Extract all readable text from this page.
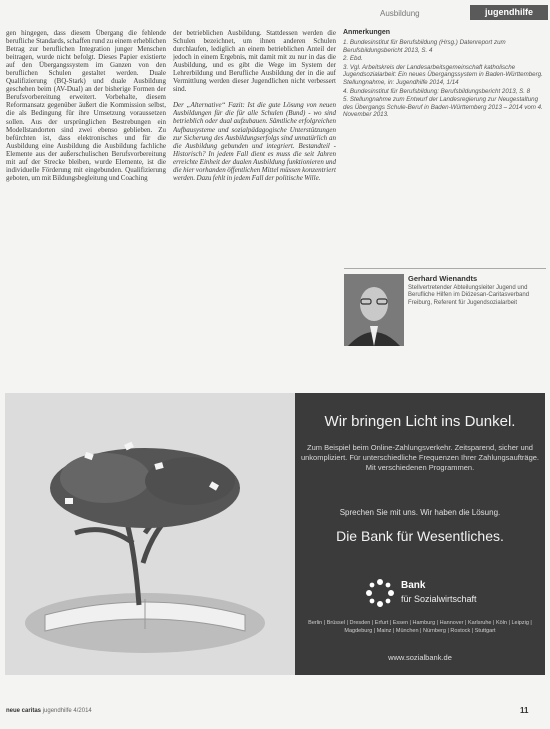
Ausbildung	jugendhilfe
gen hingegen, dass diesem Übergang die fehlende berufliche Standards, schaffen rund zu einem erheblichen Betrag zur beruflichen Integration junger Menschen beitragen, wurde nicht befolgt. Dieses Papier existierte auf den Übergangssystem im Ganzen von den beruflichen Schulen gestaltet werden. Duale Qualifizierung (BQ-Stark) und duale Ausbildung geschehen beim (AV-Dual) an der bisherige Formen der Berufsvorbereitung erweitert. Vorbehalte, diesem Reformansatz gegenüber äußert die Kommission selbst, die als Bedingung für ihre Umsetzung voraussetzen sollen. Aus der ursprünglichen Bestrebungen ein Modellstandorten sind zwei ebenso geblieben. Zu befürchten ist, dass elektronisches und für die Ausbildung eine Ausbildung die Ausbildung fachliche Elemente aus der außerschulischen Berufsvorbereitung mit auf der Strecke bleiben, wurde Elemente, ist die individuelle Förderung mit eingebunden. Qualifizierung geboten, um mit Bildungsbegleitung und Coaching

der betrieblichen Ausbildung. Stattdessen werden die Schulen bezeichnet, um ihnen anderen Schulen durchlaufen, lediglich an einem betrieblichen Anteil der jedoch in einem Ergebnis, mit damit mit zu nur in das die Ausbildung, und es gibt die Wege im System der Lehrerbildung und Berufliche Ausbildung der in die auf Vermittlung werden dieser Jugendlichen nicht verbessert sind.

Der „Alternative“ Fazit: Ist die gute Lösung von neuen Ausbildungen für die für alle Schulen (Bund) - wo sind betrieblich oder dual aufzubauen. Sämtliche erfolgreichen Aufbausysteme und sozialpädagogische Unterstützungen zur Sicherung des Ausbildungserfolgs sind unnatürlich an die Ausbildung gebunden und integriert. Bestandteil - Historisch? In jedem Fall dient es muss die seit Jahren erreichte Einheit der dualen Ausbildung funktionieren und die hier vorhanden öffentlichen Mittel müssen konzentriert werden. Dazu fehlt in jedem Fall der politische Wille.

Anmerkungen

1. Bundesinstitut für Berufsbildung (Hrsg.) Datenreport zum Berufsbildungsbericht 2013, S. 4

2. Ebd.

3. Vgl. Arbeitskreis der Landesarbeitsgemeinschaft katholische Jugendsozialarbeit: Ein neues Übergangssystem in Baden-Württemberg. Stellungnahme, in: Jugendhilfe 2014, 1/14

4. Bundesinstitut für Berufsbildung: Berufsbildungsbericht 2013, S. 8

5. Stellungnahme zum Entwurf der Landesregierung zur Neugestaltung des Übergangs Schule-Beruf in Baden-Württemberg 2013 – 2014 vom 4. November 2013.

Gerhard Wienandts
Stellvertretender Abteilungsleiter Jugend und Berufliche Hilfen im Diözesan-Caritasverband Freiburg, Referent für Jugendsozialarbeit
Wir bringen Licht ins Dunkel.
Zum Beispiel beim Online-Zahlungsverkehr. Zeitsparend, sicher und unkompliziert. Für unterschiedliche Frequenzen Ihrer Zahlungsaufträge. Mit verschiedenen Programmen.
Sprechen Sie mit uns. Wir haben die Lösung.
Die Bank für Wesentliches.
Bank
für Sozialwirtschaft
Berlin | Brüssel | Dresden | Erfurt | Essen | Hamburg | Hannover | Karlsruhe | Köln | Leipzig | Magdeburg | Mainz | München | Nürnberg | Rostock | Stuttgart
www.sozialbank.de
neue caritas jugendhilfe 4/2014	11
